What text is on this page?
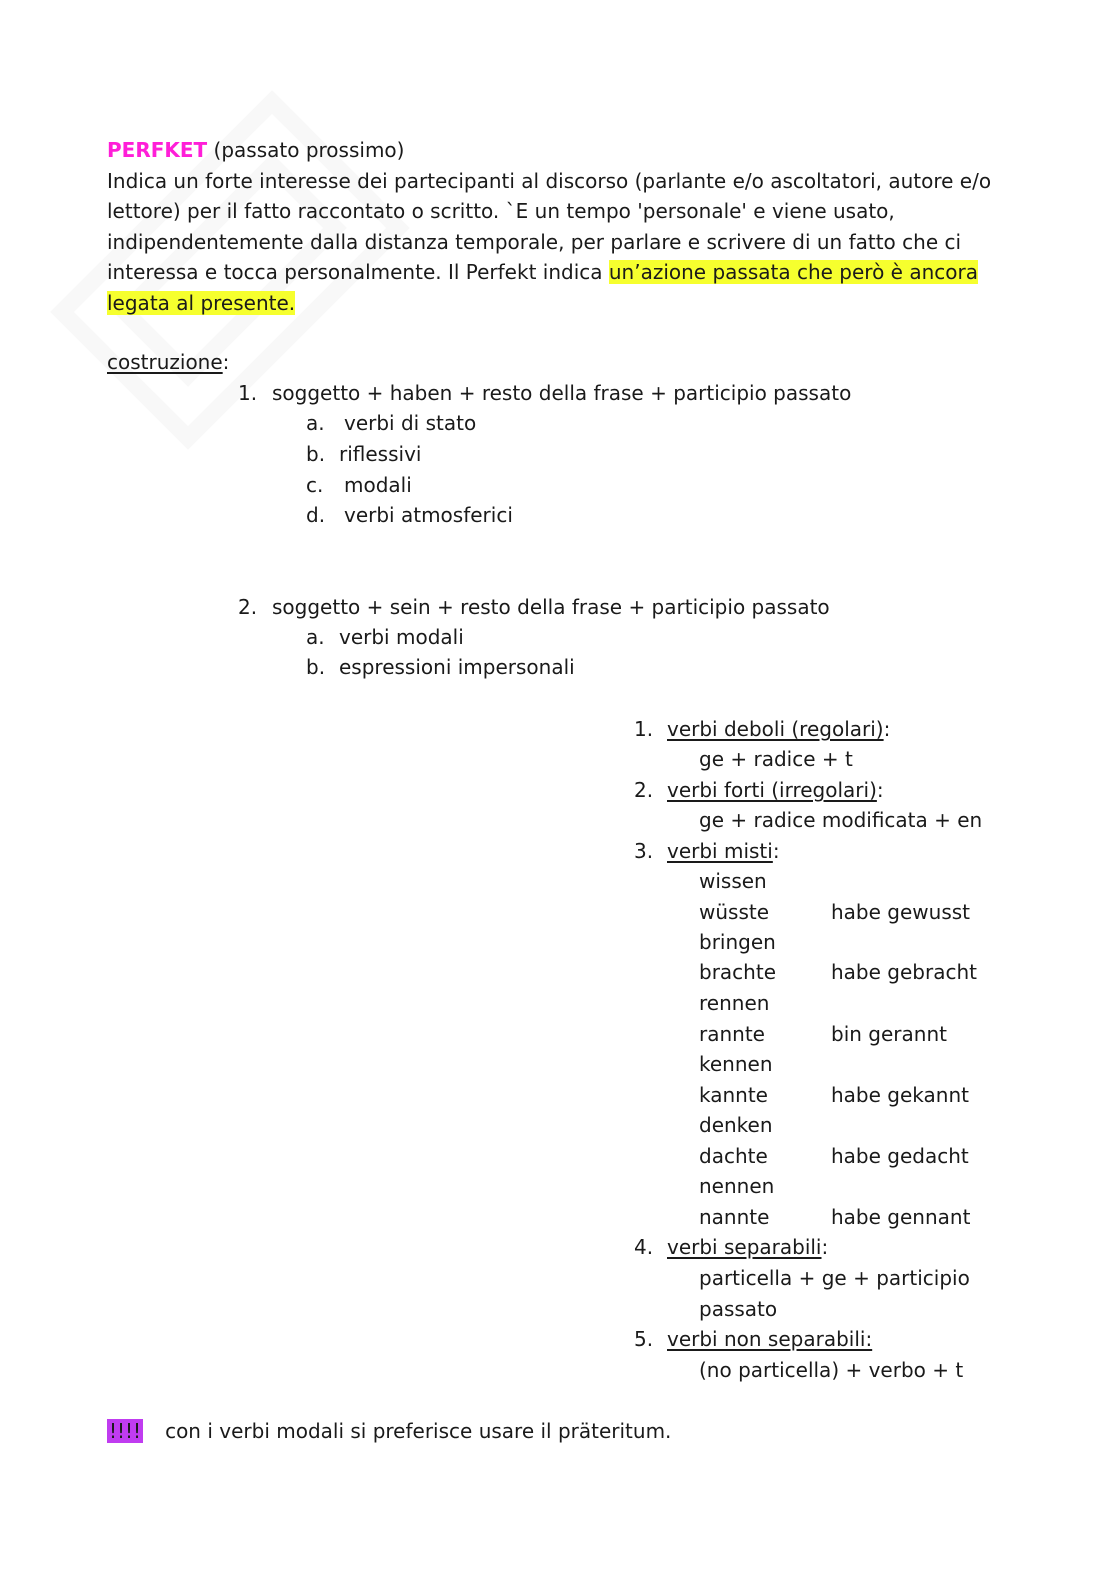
PERFKET (passato prossimo)
Indica un forte interesse dei partecipanti al discorso (parlante e/o ascoltatori, autore e/o lettore) per il fatto raccontato o scritto. `E un tempo 'personale' e viene usato, indipendentemente dalla distanza temporale, per parlare e scrivere di un fatto che ci interessa e tocca personalmente. Il Perfekt indica un’azione passata che però è ancora legata al presente.
costruzione:
1. soggetto + haben + resto della frase + participio passato
a. verbi di stato
b. riflessivi
c. modali
d. verbi atmosferici
2. soggetto + sein + resto della frase + participio passato
a. verbi modali
b. espressioni impersonali
1. verbi deboli (regolari):
ge + radice + t
2. verbi forti (irregolari):
ge + radice modificata + en
3. verbi misti:
wissen
wüsste	habe gewusst
bringen
brachte	habe gebracht
rennen
rannte	bin gerannt
kennen
kannte	habe gekannt
denken
dachte	habe gedacht
nennen
nannte	habe gennant
4. verbi separabili:
particella + ge + participio
passato
5. verbi non separabili:
(no particella) + verbo + t
!!!! con i verbi modali si preferisce usare il präteritum.
